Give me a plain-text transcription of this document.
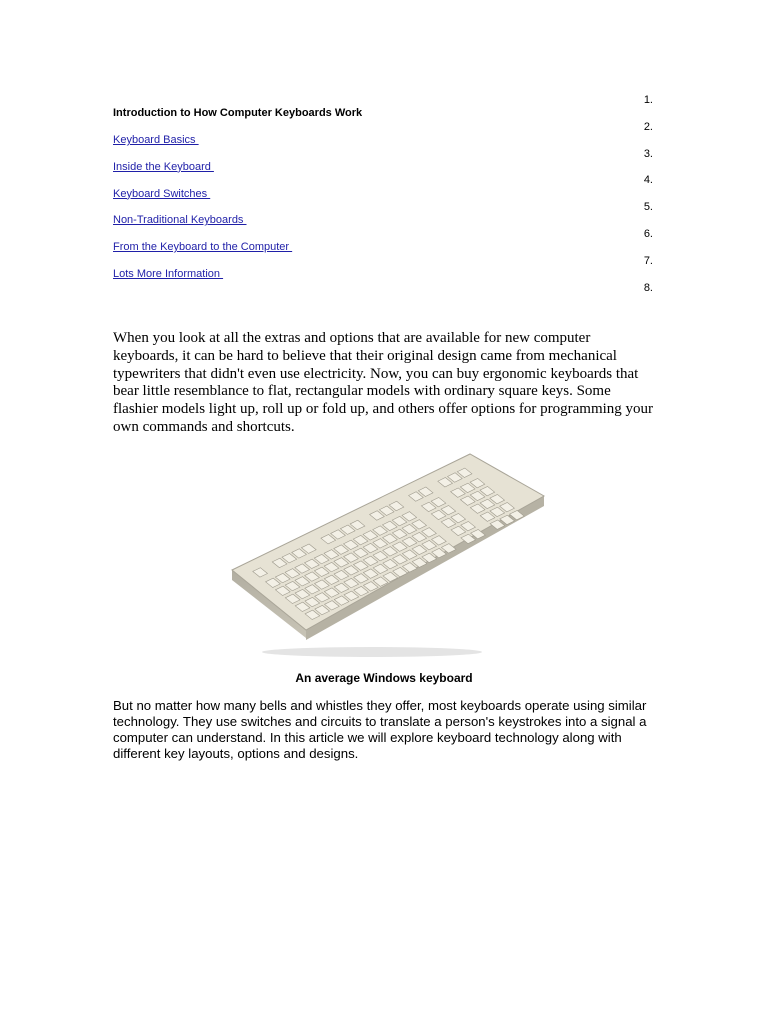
Introduction to How Computer Keyboards Work
Keyboard Basics
Inside the Keyboard
Keyboard Switches
Non-Traditional Keyboards
From the Keyboard to the Computer
Lots More Information
1.
2.
3.
4.
5.
6.
7.
8.

When you look at all the extras and options that are available for new computer keyboards, it can be hard to believe that their original design came from mechanical typewriters that didn't even use electricity. Now, you can buy ergonomic keyboards that bear little resemblance to flat, rectangular models with ordinary square keys. Some flashier models light up, roll up or fold up, and others offer options for programming your own commands and shortcuts.

An average Windows keyboard

But no matter how many bells and whistles they offer, most keyboards operate using similar technology. They use switches and circuits to translate a person's keystrokes into a signal a computer can understand. In this article we will explore keyboard technology along with different key layouts, options and designs.
